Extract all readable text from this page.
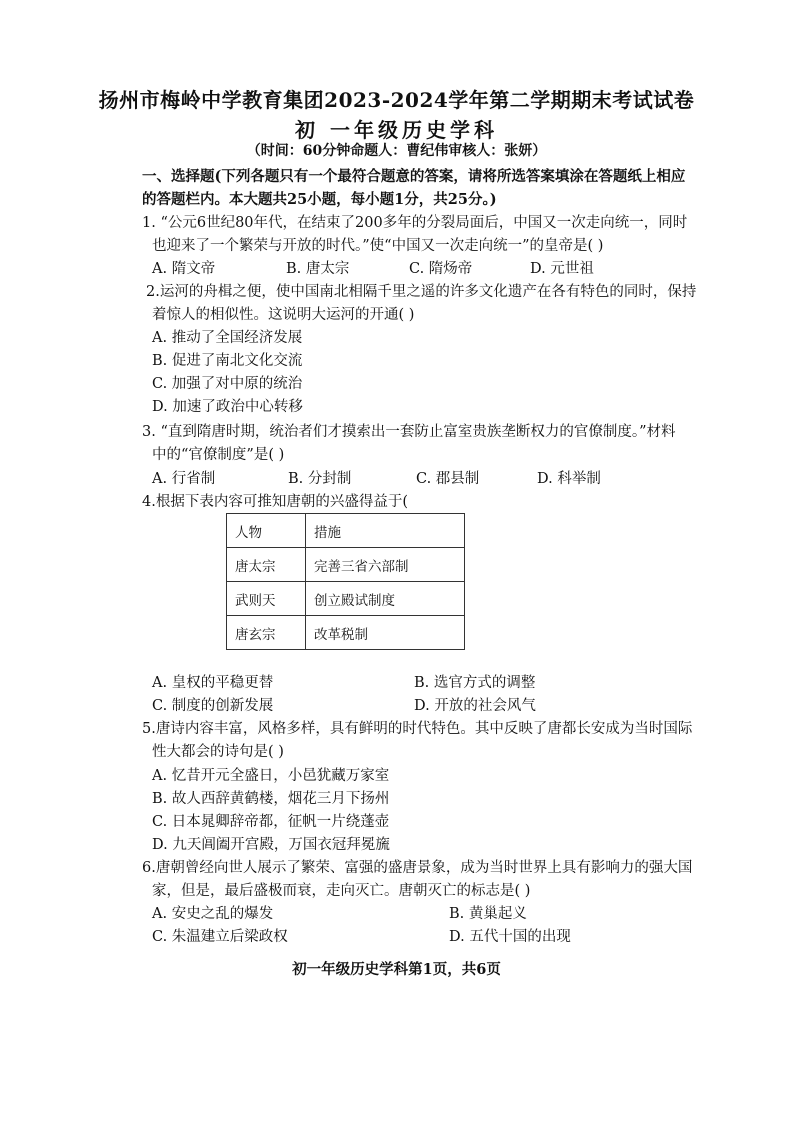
扬州市梅岭中学教育集团2023-2024学年第二学期期末考试试卷
初 一年级历史学科
（时间：60分钟命题人：曹纪伟审核人：张妍）
一、选择题(下列各题只有一个最符合题意的答案，请将所选答案填涂在答题纸上相应
的答题栏内。本大题共25小题，每小题1分，共25分。)
1. “公元6世纪80年代，在结束了200多年的分裂局面后，中国又一次走向统一，同时
也迎来了一个繁荣与开放的时代。”使“中国又一次走向统一”的皇帝是( )
A. 隋文帝	B. 唐太宗	C. 隋炀帝	D. 元世祖
2.运河的舟楫之便，使中国南北相隔千里之遥的许多文化遗产在各有特色的同时，保持
着惊人的相似性。这说明大运河的开通( )
A. 推动了全国经济发展
B. 促进了南北文化交流
C. 加强了对中原的统治
D. 加速了政治中心转移
3. “直到隋唐时期，统治者们才摸索出一套防止富室贵族垄断权力的官僚制度。”材料
中的“官僚制度”是( )
A. 行省制	B. 分封制	C. 郡县制	D. 科举制
4.根据下表内容可推知唐朝的兴盛得益于(
人物	措施
唐太宗	完善三省六部制
武则天	创立殿试制度
唐玄宗	改革税制
A. 皇权的平稳更替	B. 选官方式的调整
C. 制度的创新发展	D. 开放的社会风气
5.唐诗内容丰富，风格多样，具有鲜明的时代特色。其中反映了唐都长安成为当时国际
性大都会的诗句是( )
A. 忆昔开元全盛日，小邑犹藏万家室
B. 故人西辞黄鹤楼，烟花三月下扬州
C. 日本晁卿辞帝都，征帆一片绕蓬壶
D. 九天阊阖开宫殿，万国衣冠拜冕旒
6.唐朝曾经向世人展示了繁荣、富强的盛唐景象，成为当时世界上具有影响力的强大国
家，但是，最后盛极而衰，走向灭亡。唐朝灭亡的标志是( )
A. 安史之乱的爆发	B. 黄巢起义
C. 朱温建立后梁政权	D. 五代十国的出现
初一年级历史学科第1页，共6页
